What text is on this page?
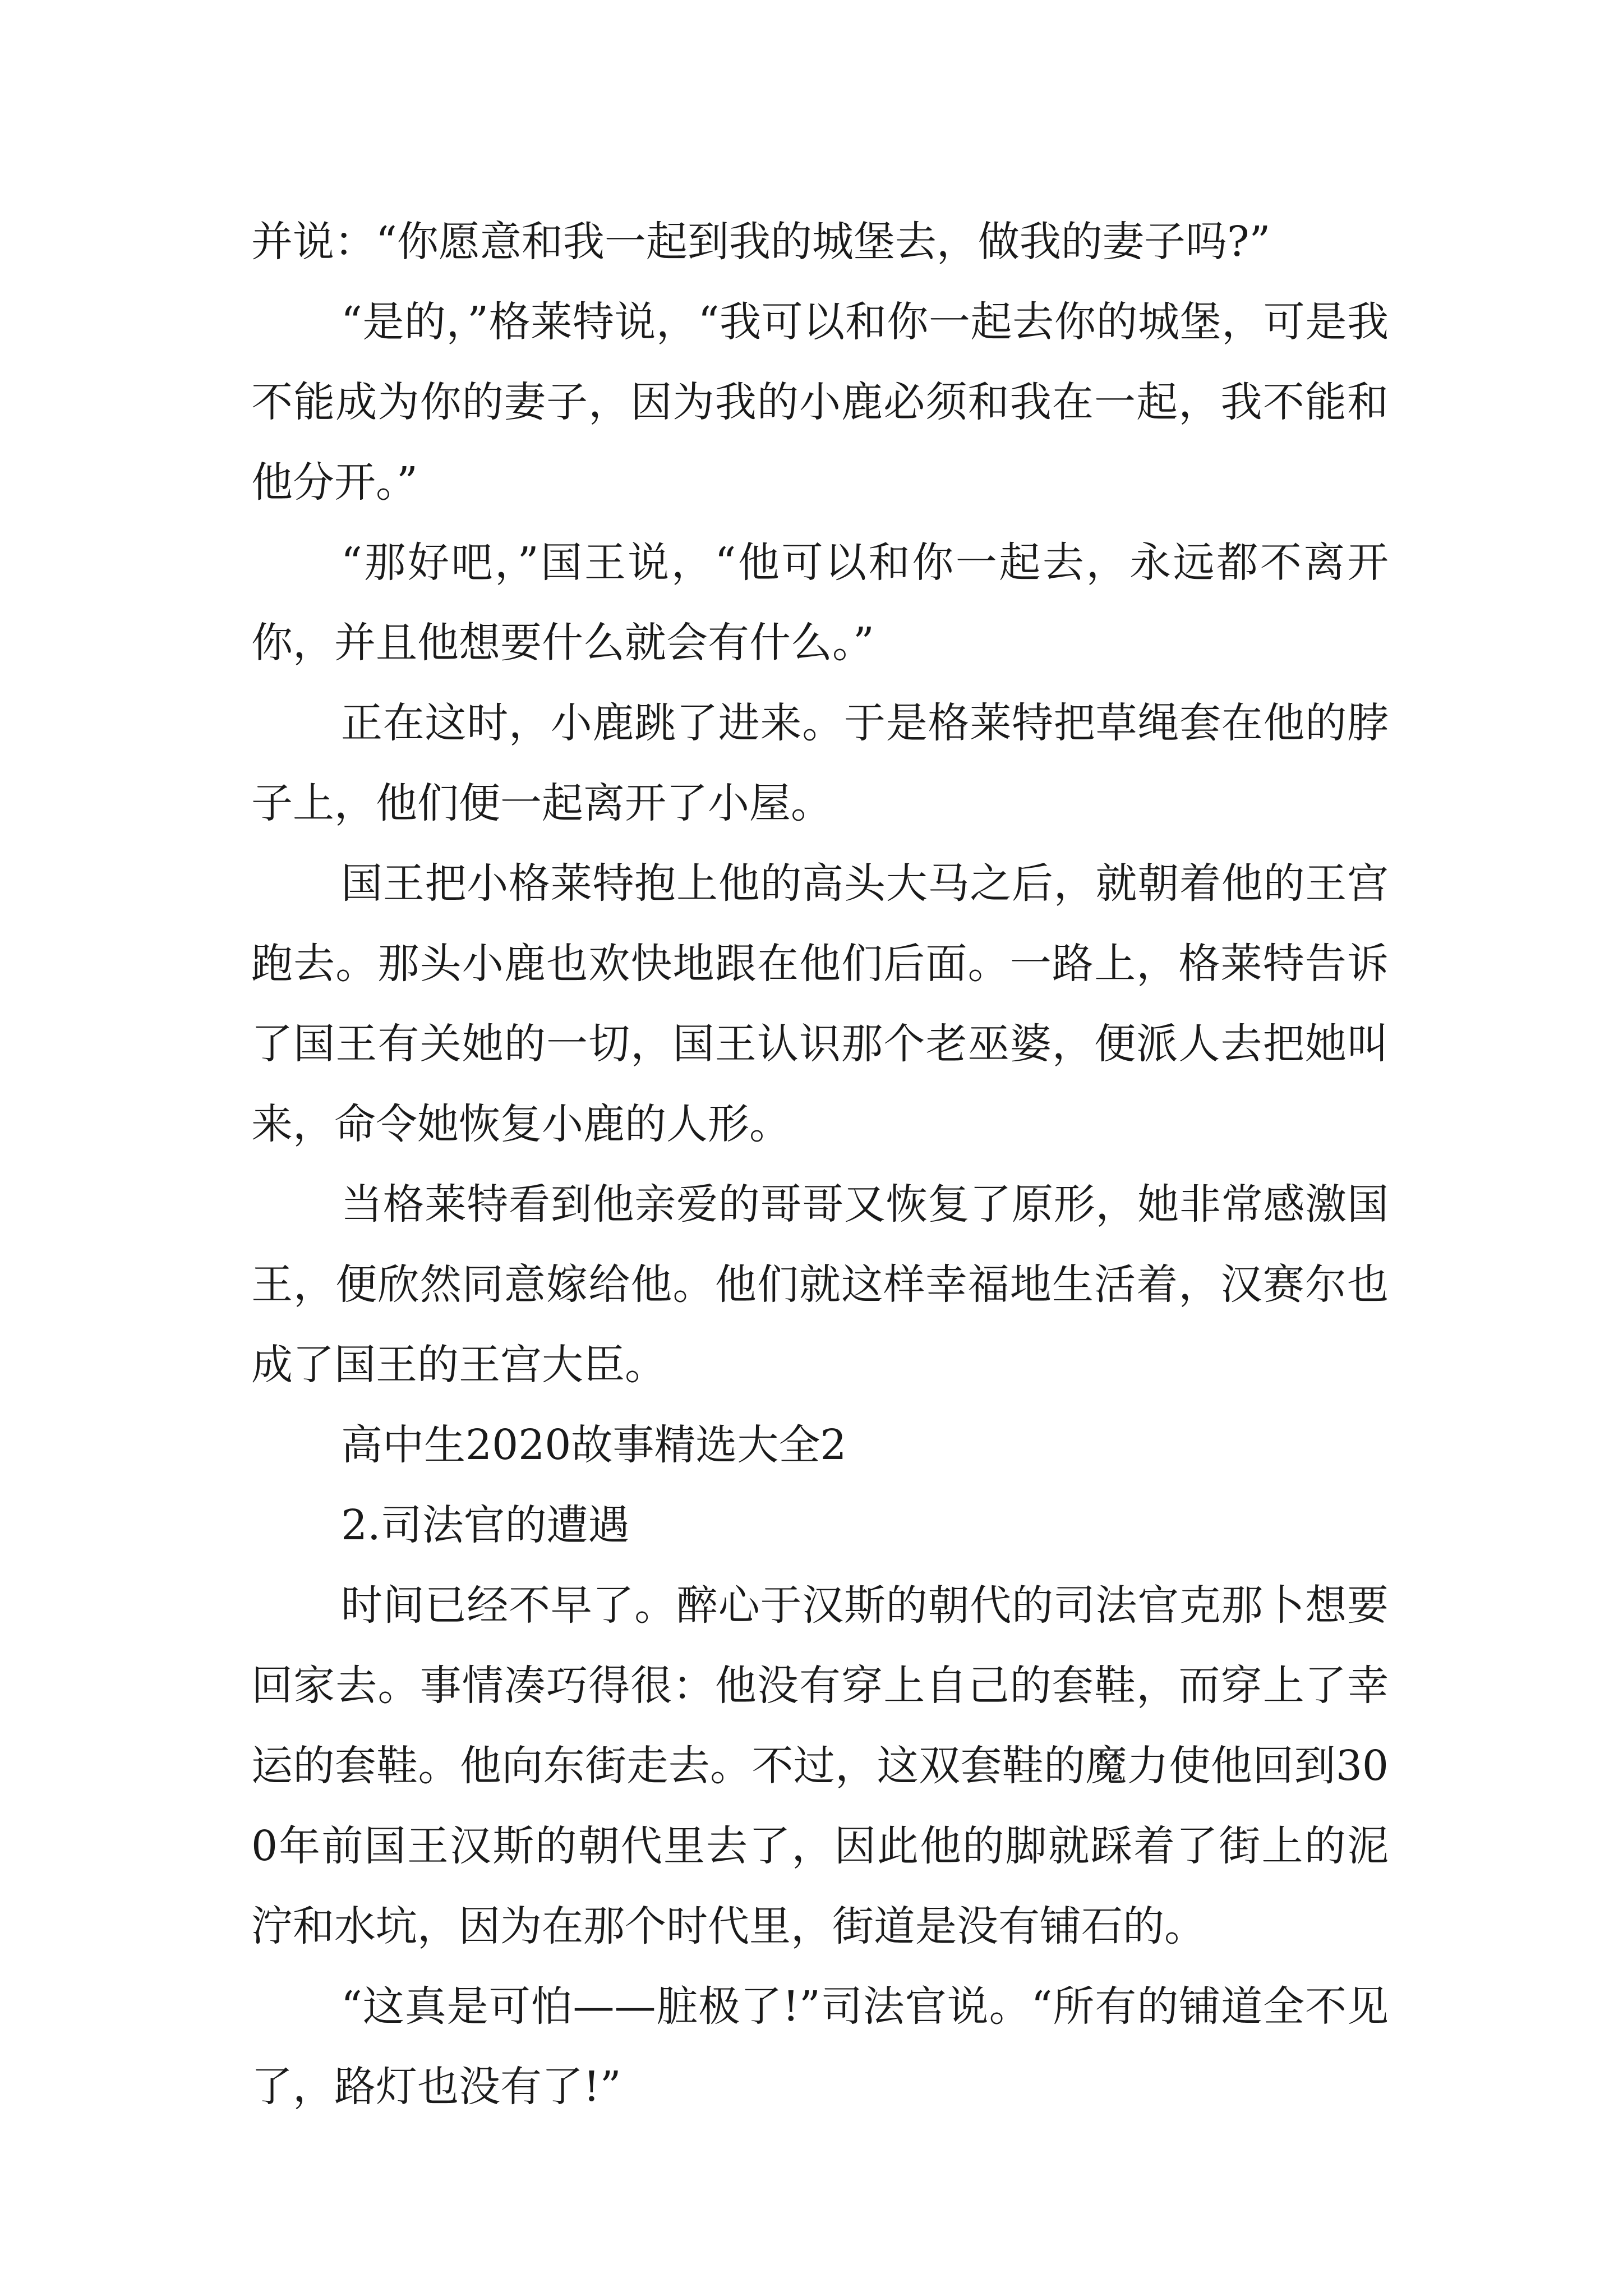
并说：“你愿意和我一起到我的城堡去，做我的妻子吗?”

“是的，”格莱特说，“我可以和你一起去你的城堡，可是我不能成为你的妻子，因为我的小鹿必须和我在一起，我不能和他分开。”

“那好吧，”国王说，“他可以和你一起去，永远都不离开你，并且他想要什么就会有什么。”

正在这时，小鹿跳了进来。于是格莱特把草绳套在他的脖子上，他们便一起离开了小屋。

国王把小格莱特抱上他的高头大马之后，就朝着他的王宫跑去。那头小鹿也欢快地跟在他们后面。一路上，格莱特告诉了国王有关她的一切，国王认识那个老巫婆，便派人去把她叫来，命令她恢复小鹿的人形。

当格莱特看到他亲爱的哥哥又恢复了原形，她非常感激国王，便欣然同意嫁给他。他们就这样幸福地生活着，汉赛尔也成了国王的王宫大臣。

高中生2020故事精选大全2

2.司法官的遭遇

时间已经不早了。醉心于汉斯的朝代的司法官克那卜想要回家去。事情凑巧得很：他没有穿上自己的套鞋，而穿上了幸运的套鞋。他向东街走去。不过，这双套鞋的魔力使他回到300年前国王汉斯的朝代里去了，因此他的脚就踩着了街上的泥泞和水坑，因为在那个时代里，街道是没有铺石的。

“这真是可怕——脏极了!”司法官说。“所有的铺道全不见了，路灯也没有了!”
